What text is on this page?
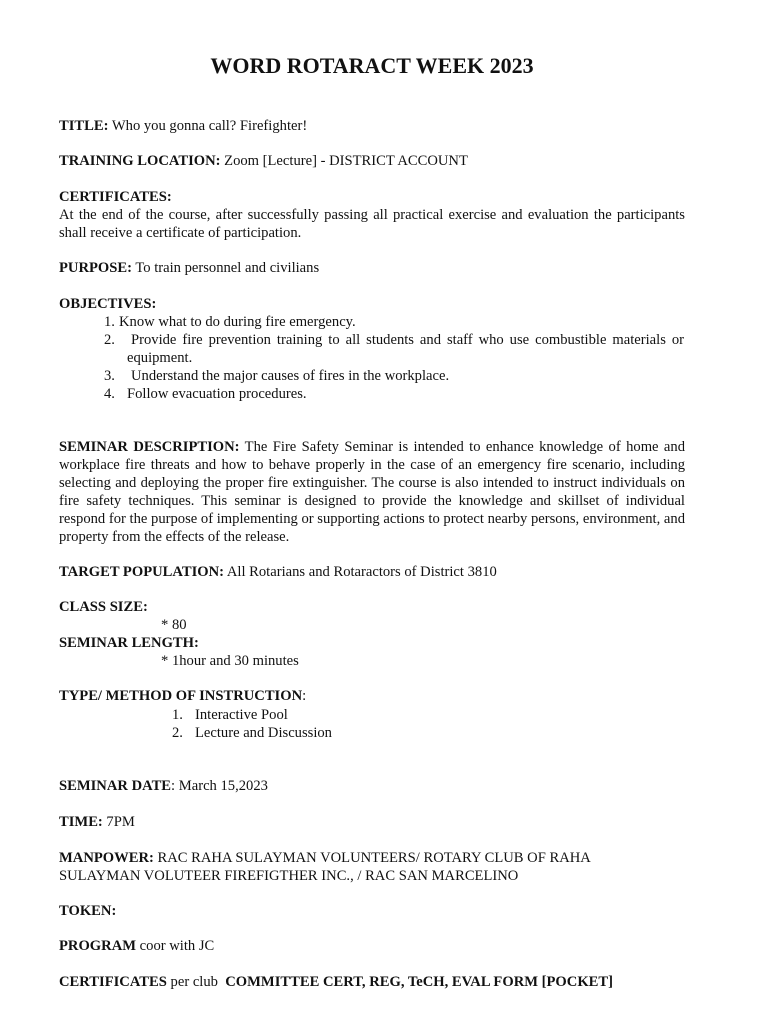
WORD ROTARACT WEEK 2023
TITLE: Who you gonna call? Firefighter!
TRAINING LOCATION: Zoom [Lecture] - DISTRICT ACCOUNT
CERTIFICATES:
At the end of the course, after successfully passing all practical exercise and evaluation the participants shall receive a certificate of participation.
PURPOSE: To train personnel and civilians
OBJECTIVES:
1. Know what to do during fire emergency.
2. Provide fire prevention training to all students and staff who use combustible materials or equipment.
3. Understand the major causes of fires in the workplace.
4. Follow evacuation procedures.
SEMINAR DESCRIPTION: The Fire Safety Seminar is intended to enhance knowledge of home and workplace fire threats and how to behave properly in the case of an emergency fire scenario, including selecting and deploying the proper fire extinguisher. The course is also intended to instruct individuals on fire safety techniques. This seminar is designed to provide the knowledge and skillset of individual respond for the purpose of implementing or supporting actions to protect nearby persons, environment, and property from the effects of the release.
TARGET POPULATION: All Rotarians and Rotaractors of District 3810
CLASS SIZE:
* 80
SEMINAR LENGTH:
* 1hour and 30 minutes
TYPE/ METHOD OF INSTRUCTION:
1. Interactive Pool
2. Lecture and Discussion
SEMINAR DATE: March 15,2023
TIME: 7PM
MANPOWER: RAC RAHA SULAYMAN VOLUNTEERS/ ROTARY CLUB OF RAHA SULAYMAN VOLUTEER FIREFIGTHER INC., / RAC SAN MARCELINO
TOKEN:
PROGRAM coor with JC
CERTIFICATES per club  COMMITTEE CERT, REG, TeCH, EVAL FORM [POCKET]
